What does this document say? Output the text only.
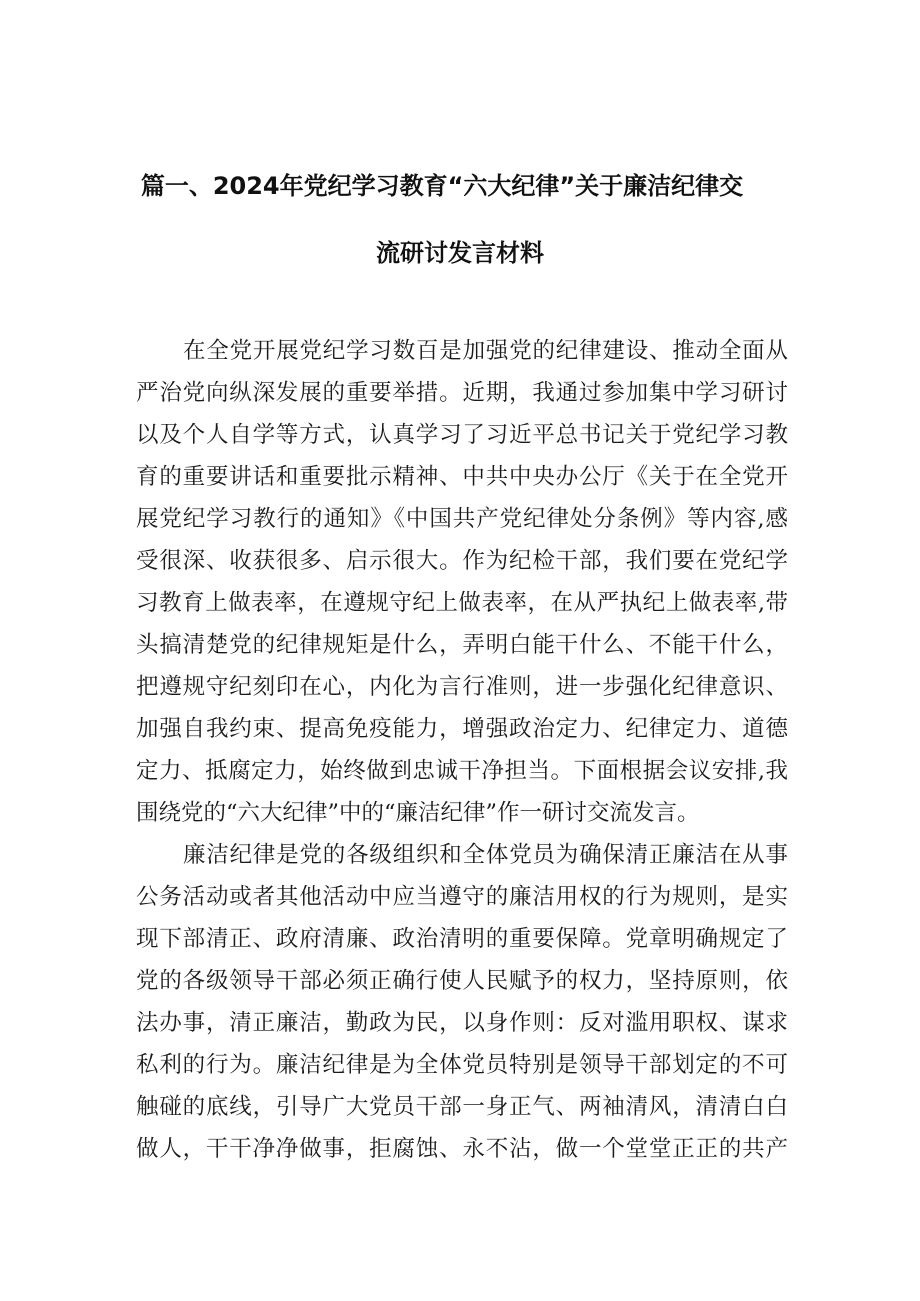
篇一、2024年党纪学习教育“六大纪律”关于廉洁纪律交
流研讨发言材料
在全党开展党纪学习数百是加强党的纪律建设、推动全面从
严治党向纵深发展的重要举措。近期，我通过参加集中学习研讨
以及个人自学等方式，认真学习了习近平总书记关于党纪学习教
育的重要讲话和重要批示精神、中共中央办公厅《关于在全党开
展党纪学习教行的通知》《中国共产党纪律处分条例》等内容,感
受很深、收获很多、启示很大。作为纪检干部，我们要在党纪学
习教育上做表率，在遵规守纪上做表率，在从严执纪上做表率,带
头搞清楚党的纪律规矩是什么，弄明白能干什么、不能干什么，
把遵规守纪刻印在心，内化为言行准则，进一步强化纪律意识、
加强自我约束、提高免疫能力，增强政治定力、纪律定力、道德
定力、抵腐定力，始终做到忠诚干净担当。下面根据会议安排,我
围绕党的“六大纪律”中的“廉洁纪律”作一研讨交流发言。
廉洁纪律是党的各级组织和全体党员为确保清正廉洁在从事
公务活动或者其他活动中应当遵守的廉洁用权的行为规则，是实
现下部清正、政府清廉、政治清明的重要保障。党章明确规定了
党的各级领导干部必须正确行使人民赋予的权力，坚持原则，依
法办事，清正廉洁，勤政为民，以身作则：反对滥用职权、谋求
私利的行为。廉洁纪律是为全体党员特别是领导干部划定的不可
触碰的底线，引导广大党员干部一身正气、两袖清风，清清白白
做人，干干净净做事，拒腐蚀、永不沾，做一个堂堂正正的共产
